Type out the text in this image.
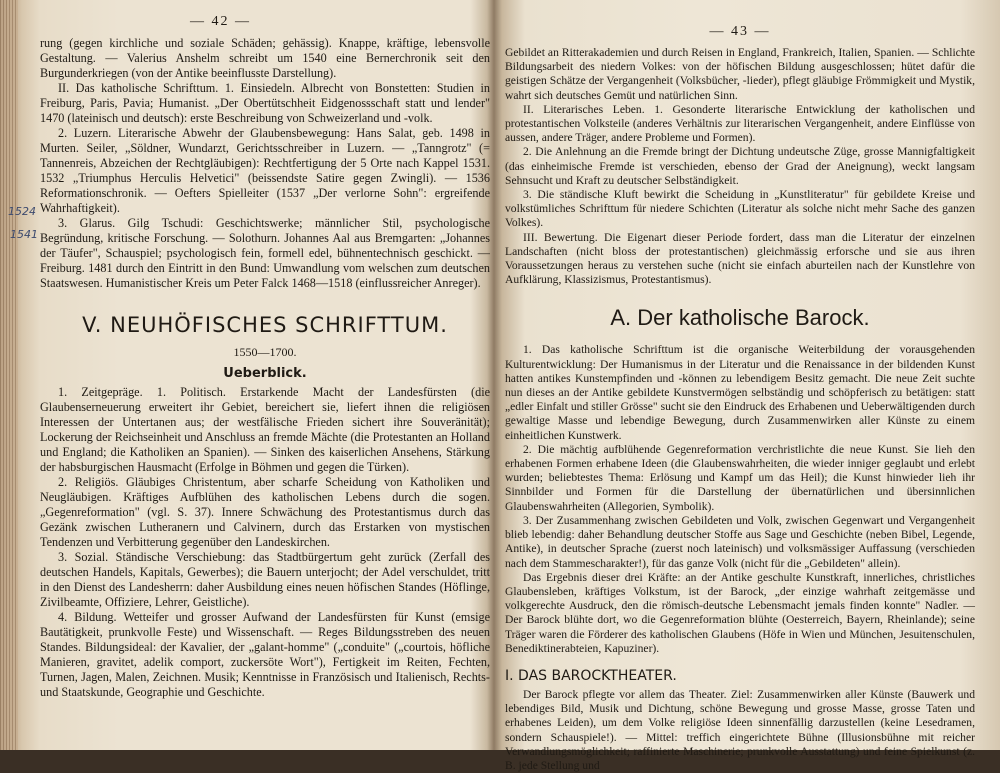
— 42 —

rung (gegen kirchliche und soziale Schäden; gehässig). Knappe, kräftige, lebensvolle Gestaltung. — Valerius Anshelm schreibt um 1540 eine Bernerchronik seit den Burgunderkriegen (von der Antike beeinflusste Darstellung).

II. Das katholische Schrifttum. 1. Einsiedeln. Albrecht von Bonstetten: Studien in Freiburg, Paris, Pavia; Humanist. „Der Obertütschheit Eidgenossschaft statt und lender" 1470 (lateinisch und deutsch): erste Beschreibung von Schweizerland und -volk.

2. Luzern. Literarische Abwehr der Glaubensbewegung: Hans Salat, geb. 1498 in Murten. Seiler, „Söldner, Wundarzt, Gerichtsschreiber in Luzern. — „Tanngrotz" (= Tannenreis, Abzeichen der Rechtgläubigen): Rechtfertigung der 5 Orte nach Kappel 1531. 1532 „Triumphus Herculis Helvetici" (beissendste Satire gegen Zwingli). — 1536 Reformationschronik. — Oefters Spielleiter (1537 „Der verlorne Sohn": ergreifende Wahrhaftigkeit).

3. Glarus. Gilg Tschudi: Geschichtswerke; männlicher Stil, psychologische Begründung, kritische Forschung. — Solothurn. Johannes Aal aus Bremgarten: „Johannes der Täufer", Schauspiel; psychologisch fein, formell edel, bühnentechnisch geschickt. — Freiburg. 1481 durch den Eintritt in den Bund: Umwandlung vom welschen zum deutschen Staatswesen. Humanistischer Kreis um Peter Falck 1468—1518 (einflussreicher Anreger).

V. NEUHÖFISCHES SCHRIFTTUM.
1550—1700.
Ueberblick.

1. Zeitgepräge. 1. Politisch. Erstarkende Macht der Landesfürsten (die Glaubenserneuerung erweitert ihr Gebiet, bereichert sie, liefert ihnen die religiösen Interessen der Untertanen aus; der westfälische Frieden sichert ihre Souveränität); Lockerung der Reichseinheit und Anschluss an fremde Mächte (die Protestanten an Holland und England; die Katholiken an Spanien). — Sinken des kaiserlichen Ansehens, Stärkung der habsburgischen Hausmacht (Erfolge in Böhmen und gegen die Türken).

2. Religiös. Gläubiges Christentum, aber scharfe Scheidung von Katholiken und Neugläubigen. Kräftiges Aufblühen des katholischen Lebens durch die sogen. „Gegenreformation" (vgl. S. 37). Innere Schwächung des Protestantismus durch das Gezänk zwischen Lutheranern und Calvinern, durch das Erstarken von mystischen Tendenzen und Verbitterung gegenüber den Landeskirchen.

3. Sozial. Ständische Verschiebung: das Stadtbürgertum geht zurück (Zerfall des deutschen Handels, Kapitals, Gewerbes); die Bauern unterjocht; der Adel verschuldet, tritt in den Dienst des Landesherrn: daher Ausbildung eines neuen höfischen Standes (Höflinge, Zivilbeamte, Offiziere, Lehrer, Geistliche).

4. Bildung. Wetteifer und grosser Aufwand der Landesfürsten für Kunst (emsige Bautätigkeit, prunkvolle Feste) und Wissenschaft. — Reges Bildungsstreben des neuen Standes. Bildungsideal: der Kavalier, der „galant-homme" („conduite" („courtois, höfliche Manieren, gravitet, adelik comport, zuckersöte Wort"), Fertigkeit im Reiten, Fechten, Turnen, Jagen, Malen, Zeichnen. Musik; Kenntnisse in Französisch und Italienisch, Rechts- und Staatskunde, Geographie und Geschichte.

1524
1541
— 43 —

Gebildet an Ritterakademien und durch Reisen in England, Frankreich, Italien, Spanien. — Schlichte Bildungsarbeit des niedern Volkes: von der höfischen Bildung ausgeschlossen; hütet dafür die geistigen Schätze der Vergangenheit (Volksbücher, -lieder), pflegt gläubige Frömmigkeit und Mystik, wahrt sich deutsches Gemüt und natürlichen Sinn.

II. Literarisches Leben. 1. Gesonderte literarische Entwicklung der katholischen und protestantischen Volksteile (anderes Verhältnis zur literarischen Vergangenheit, andere Einflüsse von aussen, andere Träger, andere Probleme und Formen).

2. Die Anlehnung an die Fremde bringt der Dichtung undeutsche Züge, grosse Mannigfaltigkeit (das einheimische Fremde ist verschieden, ebenso der Grad der Aneignung), weckt langsam Sehnsucht und Kraft zu deutscher Selbständigkeit.

3. Die ständische Kluft bewirkt die Scheidung in „Kunstliteratur" für gebildete Kreise und volkstümliches Schrifttum für niedere Schichten (Literatur als solche nicht mehr Sache des ganzen Volkes).

III. Bewertung. Die Eigenart dieser Periode fordert, dass man die Literatur der einzelnen Landschaften (nicht bloss der protestantischen) gleichmässig erforsche und sie aus ihren Voraussetzungen heraus zu verstehen suche (nicht sie einfach aburteilen nach der Kunstlehre von Aufklärung, Klassizismus, Protestantismus).

A. Der katholische Barock.

1. Das katholische Schrifttum ist die organische Weiterbildung der vorausgehenden Kulturentwicklung: Der Humanismus in der Literatur und die Renaissance in der bildenden Kunst hatten antikes Kunstempfinden und -können zu lebendigem Besitz gemacht. Die neue Zeit suchte nun dieses an der Antike gebildete Kunstvermögen selbständig und schöpferisch zu betätigen: statt „edler Einfalt und stiller Grösse" sucht sie den Eindruck des Erhabenen und Ueberwältigenden durch gewaltige Masse und lebendige Bewegung, durch Zusammenwirken aller Künste zu einem einheitlichen Kunstwerk.

2. Die mächtig aufblühende Gegenreformation verchristlichte die neue Kunst. Sie lieh den erhabenen Formen erhabene Ideen (die Glaubenswahrheiten, die wieder inniger geglaubt und erlebt wurden; beliebtestes Thema: Erlösung und Kampf um das Heil); die Kunst hinwieder lieh ihr Sinnbilder und Formen für die Darstellung der übernatürlichen und übersinnlichen Glaubenswahrheiten (Allegorien, Symbolik).

3. Der Zusammenhang zwischen Gebildeten und Volk, zwischen Gegenwart und Vergangenheit blieb lebendig: daher Behandlung deutscher Stoffe aus Sage und Geschichte (neben Bibel, Legende, Antike), in deutscher Sprache (zuerst noch lateinisch) und volksmässiger Auffassung (verschieden nach dem Stammescharakter!), für das ganze Volk (nicht für die „Gebildeten" allein).

Das Ergebnis dieser drei Kräfte: an der Antike geschulte Kunstkraft, innerliches, christliches Glaubensleben, kräftiges Volkstum, ist der Barock, „der einzige wahrhaft zeitgemässe und volkgerechte Ausdruck, den die römisch-deutsche Lebensmacht jemals finden konnte" Nadler. — Der Barock blühte dort, wo die Gegenreformation blühte (Oesterreich, Bayern, Rheinlande); seine Träger waren die Förderer des katholischen Glaubens (Höfe in Wien und München, Jesuitenschulen, Benediktinerabteien, Kapuziner).

I. DAS BAROCKTHEATER.

Der Barock pflegte vor allem das Theater. Ziel: Zusammenwirken aller Künste (Bauwerk und lebendiges Bild, Musik und Dichtung, schöne Bewegung und grosse Masse, grosse Taten und erhabenes Leiden), um dem Volke religiöse Ideen sinnenfällig darzustellen (keine Lesedramen, sondern Schauspiele!). — Mittel: treffich eingerichtete Bühne (Illusionsbühne mit reicher Verwandlungsmöglichkeit; raffinierte Maschinerie; prunkvolle Ausstattung) und feine Spielkunst (z. B. jede Stellung und
